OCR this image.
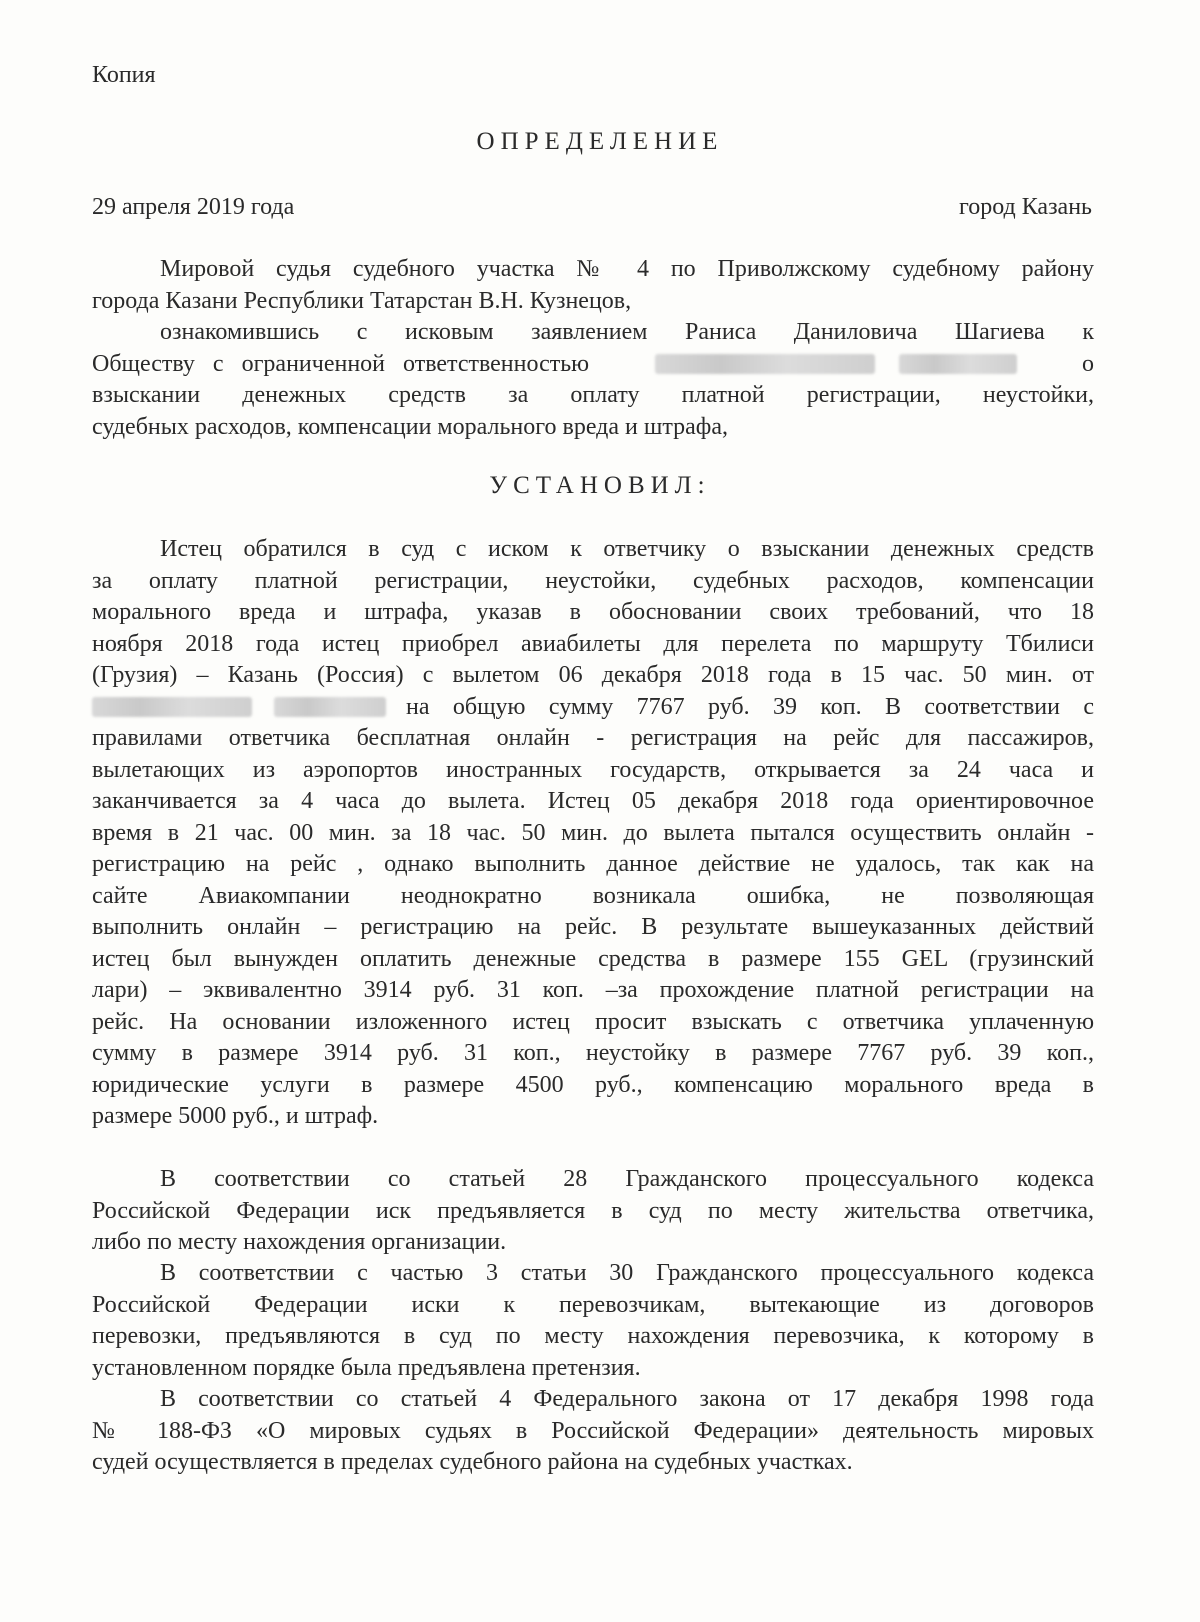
Копия
ОПРЕДЕЛЕНИЕ
29 апреля 2019 года	город Казань
Мировой судья судебного участка № 4 по Приволжскому судебному району
города Казани Республики Татарстан В.Н. Кузнецов,
ознакомившись с исковым заявлением Раниса Даниловича Шагиева к
Обществу с ограниченной ответственностью
	о
взыскании денежных средств за оплату платной регистрации, неустойки,
судебных расходов, компенсации морального вреда и штрафа,
УСТАНОВИЛ:
Истец обратился в суд с иском к ответчику о взыскании денежных средств
за оплату платной регистрации, неустойки, судебных расходов, компенсации
морального вреда и штрафа, указав в обосновании своих требований, что 18
ноября 2018 года истец приобрел авиабилеты для перелета по маршруту Тбилиси
(Грузия) – Казань (Россия) с вылетом 06 декабря 2018 года в 15 час. 50 мин. от

на общую сумму 7767 руб. 39 коп. В соответствии с
правилами ответчика бесплатная онлайн - регистрация на рейс для пассажиров,
вылетающих из аэропортов иностранных государств, открывается за 24 часа и
заканчивается за 4 часа до вылета. Истец 05 декабря 2018 года ориентировочное
время в 21 час. 00 мин. за 18 час. 50 мин. до вылета пытался осуществить онлайн -
регистрацию на рейс , однако выполнить данное действие не удалось, так как на
сайте Авиакомпании неоднократно возникала ошибка, не позволяющая
выполнить онлайн – регистрацию на рейс. В результате вышеуказанных действий
истец был вынужден оплатить денежные средства в размере 155 GEL (грузинский
лари) – эквивалентно 3914 руб. 31 коп. –за прохождение платной регистрации на
рейс. На основании изложенного истец просит взыскать с ответчика уплаченную
сумму в размере 3914 руб. 31 коп., неустойку в размере 7767 руб. 39 коп.,
юридические услуги в размере 4500 руб., компенсацию морального вреда в
размере 5000 руб., и штраф.
В соответствии со статьей 28 Гражданского процессуального кодекса
Российской Федерации иск предъявляется в суд по месту жительства ответчика,
либо по месту нахождения организации.
В соответствии с частью 3 статьи 30 Гражданского процессуального кодекса
Российской Федерации иски к перевозчикам, вытекающие из договоров
перевозки, предъявляются в суд по месту нахождения перевозчика, к которому в
установленном порядке была предъявлена претензия.
В соответствии со статьей 4 Федерального закона от 17 декабря 1998 года
№ 188-ФЗ «О мировых судьях в Российской Федерации» деятельность мировых
судей осуществляется в пределах судебного района на судебных участках.
